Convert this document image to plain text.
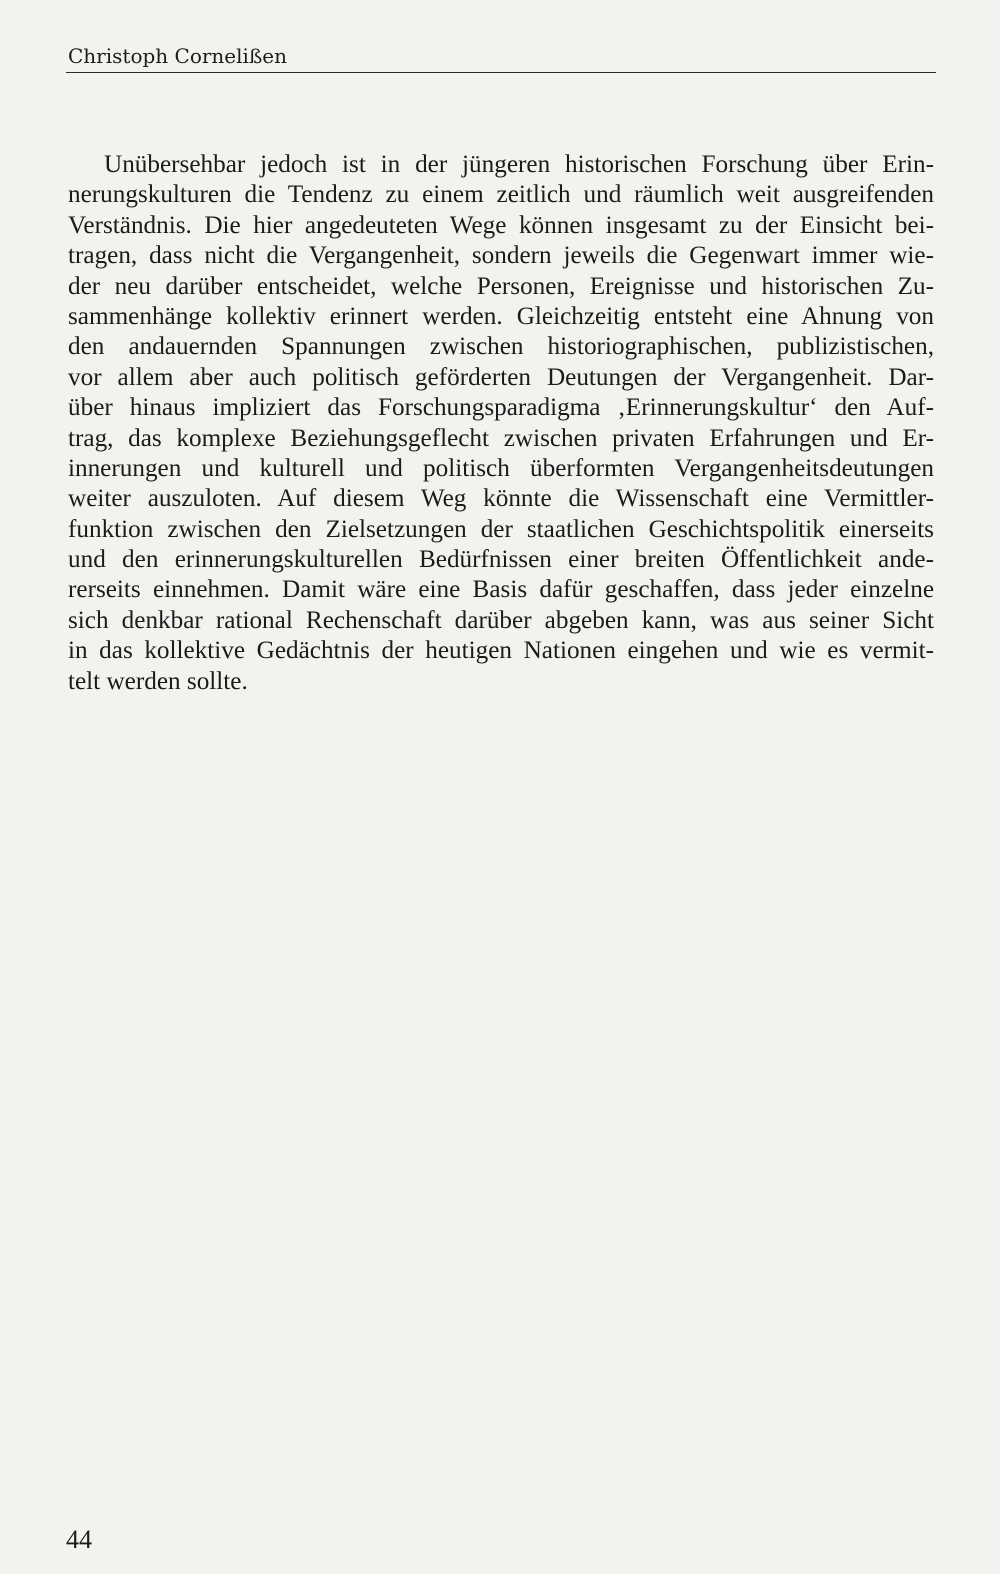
Christoph Cornelißen
Unübersehbar jedoch ist in der jüngeren historischen Forschung über Erin-
nerungskulturen die Tendenz zu einem zeitlich und räumlich weit ausgreifenden
Verständnis. Die hier angedeuteten Wege können insgesamt zu der Einsicht bei-
tragen, dass nicht die Vergangenheit, sondern jeweils die Gegenwart immer wie-
der neu darüber entscheidet, welche Personen, Ereignisse und historischen Zu-
sammenhänge kollektiv erinnert werden. Gleichzeitig entsteht eine Ahnung von
den andauernden Spannungen zwischen historiographischen, publizistischen,
vor allem aber auch politisch geförderten Deutungen der Vergangenheit. Dar-
über hinaus impliziert das Forschungsparadigma ‚Erinnerungskultur‘ den Auf-
trag, das komplexe Beziehungsgeflecht zwischen privaten Erfahrungen und Er-
innerungen und kulturell und politisch überformten Vergangenheitsdeutungen
weiter auszuloten. Auf diesem Weg könnte die Wissenschaft eine Vermittler-
funktion zwischen den Zielsetzungen der staatlichen Geschichtspolitik einerseits
und den erinnerungskulturellen Bedürfnissen einer breiten Öffentlichkeit ande-
rerseits einnehmen. Damit wäre eine Basis dafür geschaffen, dass jeder einzelne
sich denkbar rational Rechenschaft darüber abgeben kann, was aus seiner Sicht
in das kollektive Gedächtnis der heutigen Nationen eingehen und wie es vermit-
telt werden sollte.
44
